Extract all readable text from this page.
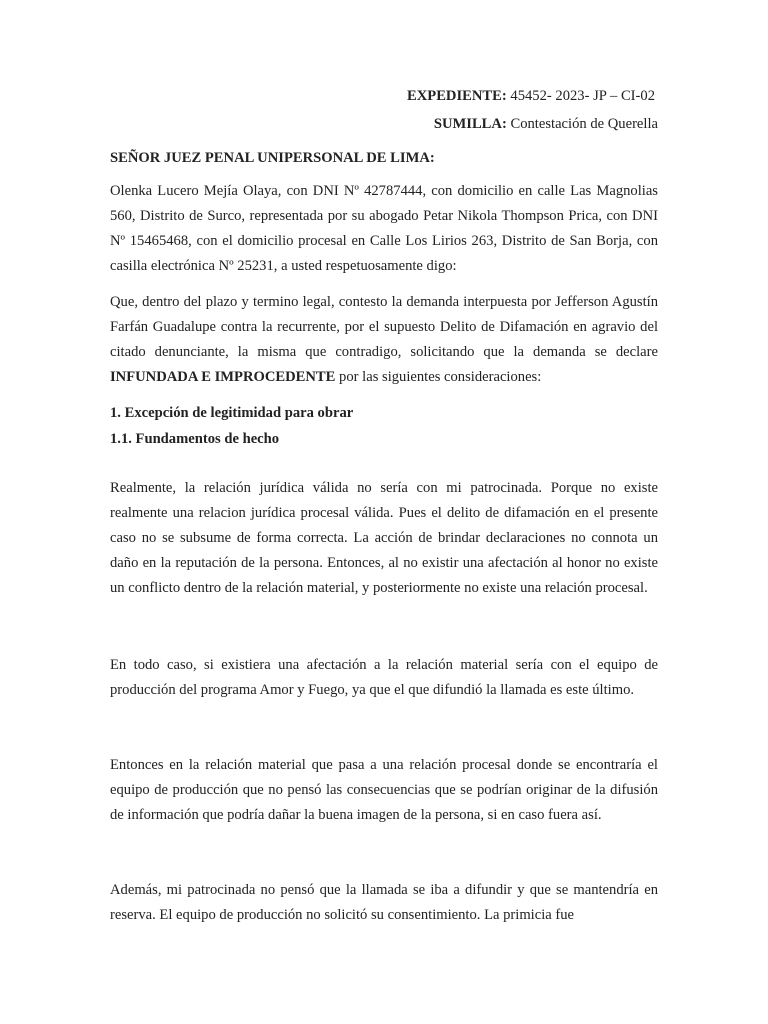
EXPEDIENTE: 45452- 2023- JP – CI-02
SUMILLA: Contestación de Querella
SEÑOR JUEZ PENAL UNIPERSONAL DE LIMA:
Olenka Lucero Mejía Olaya, con DNI Nº 42787444, con domicilio en calle Las Magnolias 560, Distrito de Surco, representada por su abogado Petar Nikola Thompson Prica, con DNI Nº 15465468, con el domicilio procesal en Calle Los Lirios 263, Distrito de San Borja, con casilla electrónica Nº 25231, a usted respetuosamente digo:
Que, dentro del plazo y termino legal, contesto la demanda interpuesta por Jefferson Agustín Farfán Guadalupe contra la recurrente, por el supuesto Delito de Difamación en agravio del citado denunciante, la misma que contradigo, solicitando que la demanda se declare INFUNDADA E IMPROCEDENTE por las siguientes consideraciones:
1. Excepción de legitimidad para obrar
1.1. Fundamentos de hecho
Realmente, la relación jurídica válida no sería con mi patrocinada. Porque no existe realmente una relacion jurídica procesal válida. Pues el delito de difamación en el presente caso no se subsume de forma correcta. La acción de brindar declaraciones no connota un daño en la reputación de la persona. Entonces, al no existir una afectación al honor no existe un conflicto dentro de la relación material, y posteriormente no existe una relación procesal.
En todo caso, si existiera una afectación a la relación material sería con el equipo de producción del programa Amor y Fuego, ya que el que difundió la llamada es este último.
Entonces en la relación material que pasa a una relación procesal donde se encontraría el equipo de producción que no pensó las consecuencias que se podrían originar de la difusión de información que podría dañar la buena imagen de la persona, si en caso fuera así.
Además, mi patrocinada no pensó que la llamada se iba a difundir y que se mantendría en reserva. El equipo de producción no solicitó su consentimiento. La primicia fue
